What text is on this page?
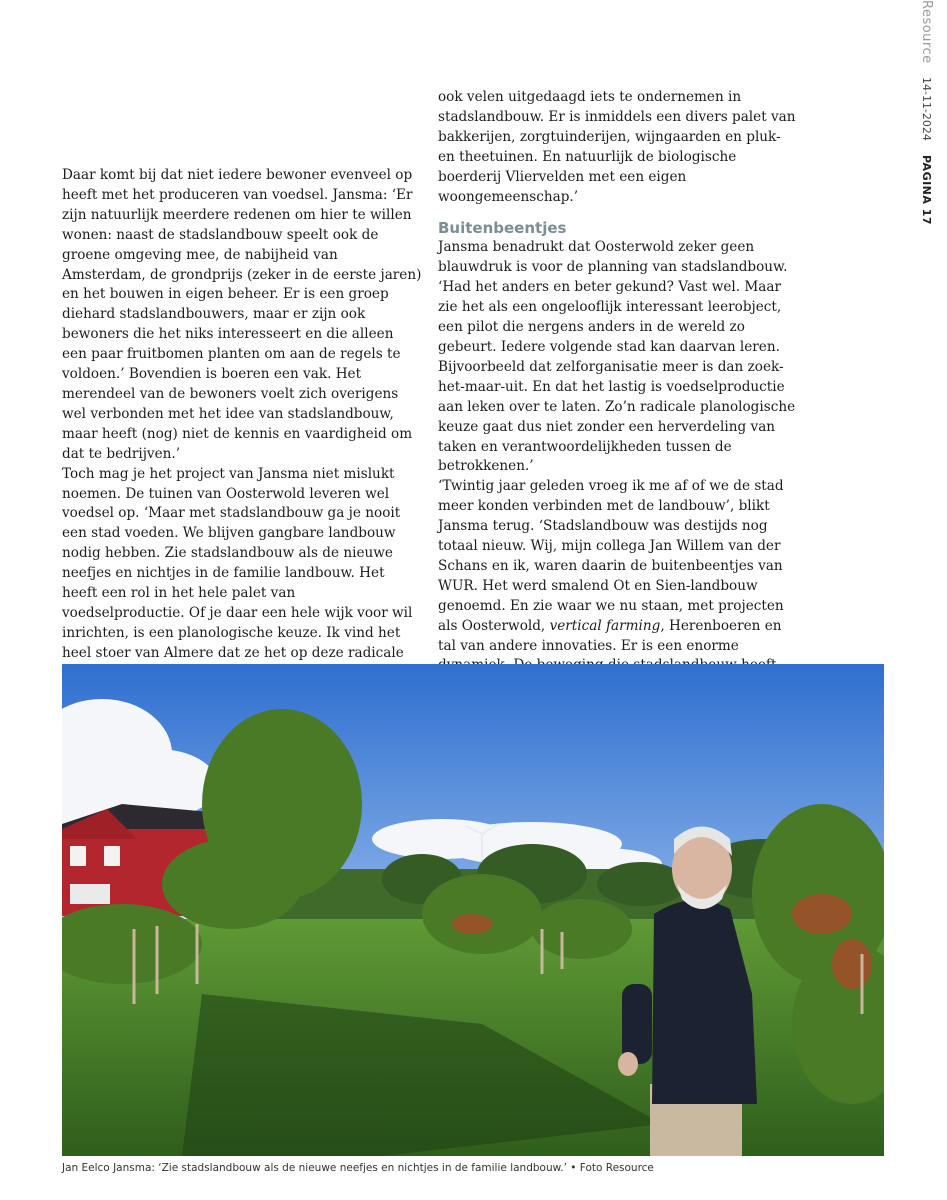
Resource 14-11-2024 PAGINA 17

Daar komt bij dat niet iedere bewoner evenveel op heeft met het produceren van voedsel. Jansma: ‘Er zijn natuurlijk meerdere redenen om hier te willen wonen: naast de stadslandbouw speelt ook de groene omgeving mee, de nabijheid van Amsterdam, de grondprijs (zeker in de eerste jaren) en het bouwen in eigen beheer. Er is een groep diehard stadslandbouwers, maar er zijn ook bewoners die het niks interesseert en die alleen een paar fruitbomen planten om aan de regels te voldoen.’ Bovendien is boeren een vak. Het merendeel van de bewoners voelt zich overigens wel verbonden met het idee van stadslandbouw, maar heeft (nog) niet de kennis en vaardigheid om dat te bedrijven.’

Toch mag je het project van Jansma niet mislukt noemen. De tuinen van Oosterwold leveren wel voedsel op. ‘Maar met stadslandbouw ga je nooit een stad voeden. We blijven gangbare landbouw nodig hebben. Zie stadslandbouw als de nieuwe neefjes en nichtjes in de familie landbouw. Het heeft een rol in het hele palet van voedselproductie. Of je daar een hele wijk voor wil inrichten, is een planologische keuze. Ik vind het heel stoer van Almere dat ze het op deze radicale

ook velen uitgedaagd iets te ondernemen in stadslandbouw. Er is inmiddels een divers palet van bakkerijen, zorgtuinderijen, wijngaarden en pluk- en theetuinen. En natuurlijk de biologische boerderij Vliervelden met een eigen woongemeenschap.’

Buitenbeentjes

Jansma benadrukt dat Oosterwold zeker geen blauwdruk is voor de planning van stadslandbouw. ‘Had het anders en beter gekund? Vast wel. Maar zie het als een ongelooflijk interessant leerobject, een pilot die nergens anders in de wereld zo gebeurt. Iedere volgende stad kan daarvan leren. Bijvoorbeeld dat zelforganisatie meer is dan zoek-het-maar-uit. En dat het lastig is voedselproductie aan leken over te laten. Zo’n radicale planologische keuze gaat dus niet zonder een herverdeling van taken en verantwoordelijkheden tussen de betrokkenen.’

‘Twintig jaar geleden vroeg ik me af of we de stad meer konden verbinden met de landbouw’, blikt Jansma terug. ‘Stadslandbouw was destijds nog totaal nieuw. Wij, mijn collega Jan Willem van der Schans en ik, waren daarin de buitenbeentjes van WUR. Het werd smalend Ot en Sien-landbouw genoemd. En zie waar we nu staan, met projecten als Oosterwold, vertical farming, Herenboeren en tal van andere innovaties. Er is een enorme

Jan Eelco Jansma: ‘Zie stadslandbouw als de nieuwe neefjes en nichtjes in de familie landbouw.’ • Foto Resource
